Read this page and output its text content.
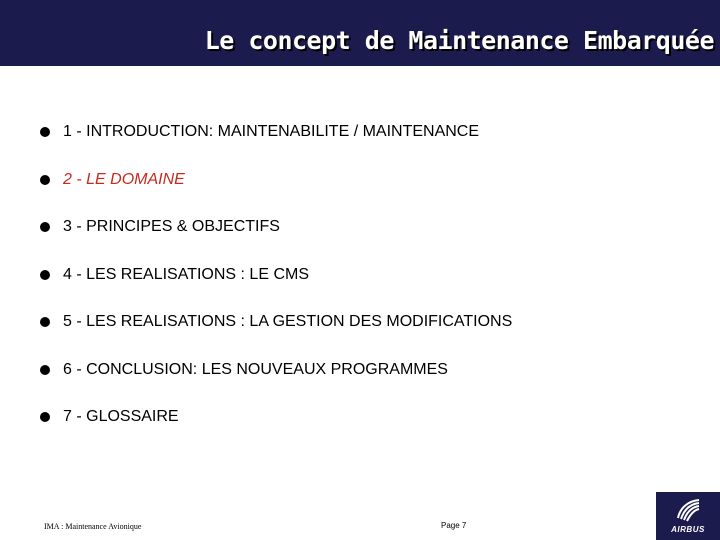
Le concept de Maintenance Embarquée
1 - INTRODUCTION: MAINTENABILITE / MAINTENANCE
2 - LE DOMAINE
3 - PRINCIPES & OBJECTIFS
4 - LES REALISATIONS : LE CMS
5 - LES REALISATIONS : LA GESTION DES MODIFICATIONS
6 - CONCLUSION: LES NOUVEAUX PROGRAMMES
7 - GLOSSAIRE
IMA : Maintenance Avionique	Page 7	AIRBUS
